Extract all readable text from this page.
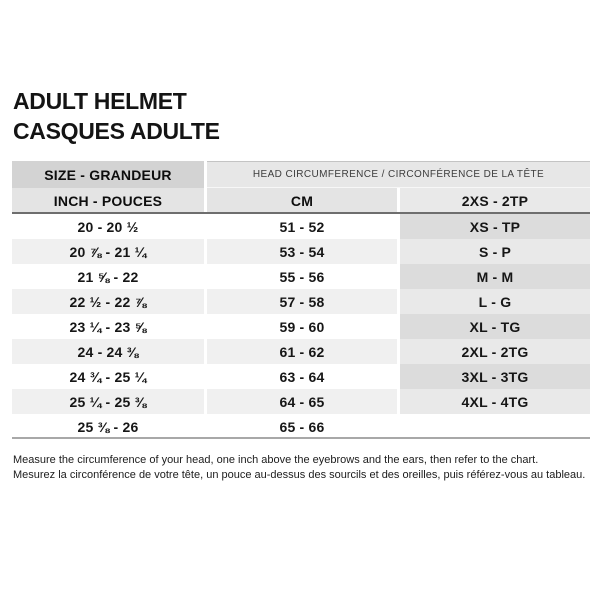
ADULT HELMET
CASQUES ADULTE
HEAD CIRCUMFERENCE / CIRCONFÉRENCE DE LA TÊTE
SIZE - GRANDEUR
INCH - POUCES	CM	2XS - 2TP
20 - 20 ½	51 - 52	XS - TP
20 ⅞ - 21 ¼	53 - 54	S - P
21 ⅝ - 22	55 - 56	M - M
22 ½ - 22 ⅞	57 - 58	L - G
23 ¼ - 23 ⅝	59 - 60	XL - TG
24 - 24 ⅜	61 - 62	2XL - 2TG
24 ¾ - 25 ¼	63 - 64	3XL - 3TG
25 ¼ - 25 ⅜	64 - 65	4XL - 4TG
25 ⅜ - 26	65 - 66

Measure the circumference of your head, one inch above the eyebrows and the ears, then refer to the chart.
Mesurez la circonférence de votre tête, un pouce au-dessus des sourcils et des oreilles, puis référez-vous au tableau.
